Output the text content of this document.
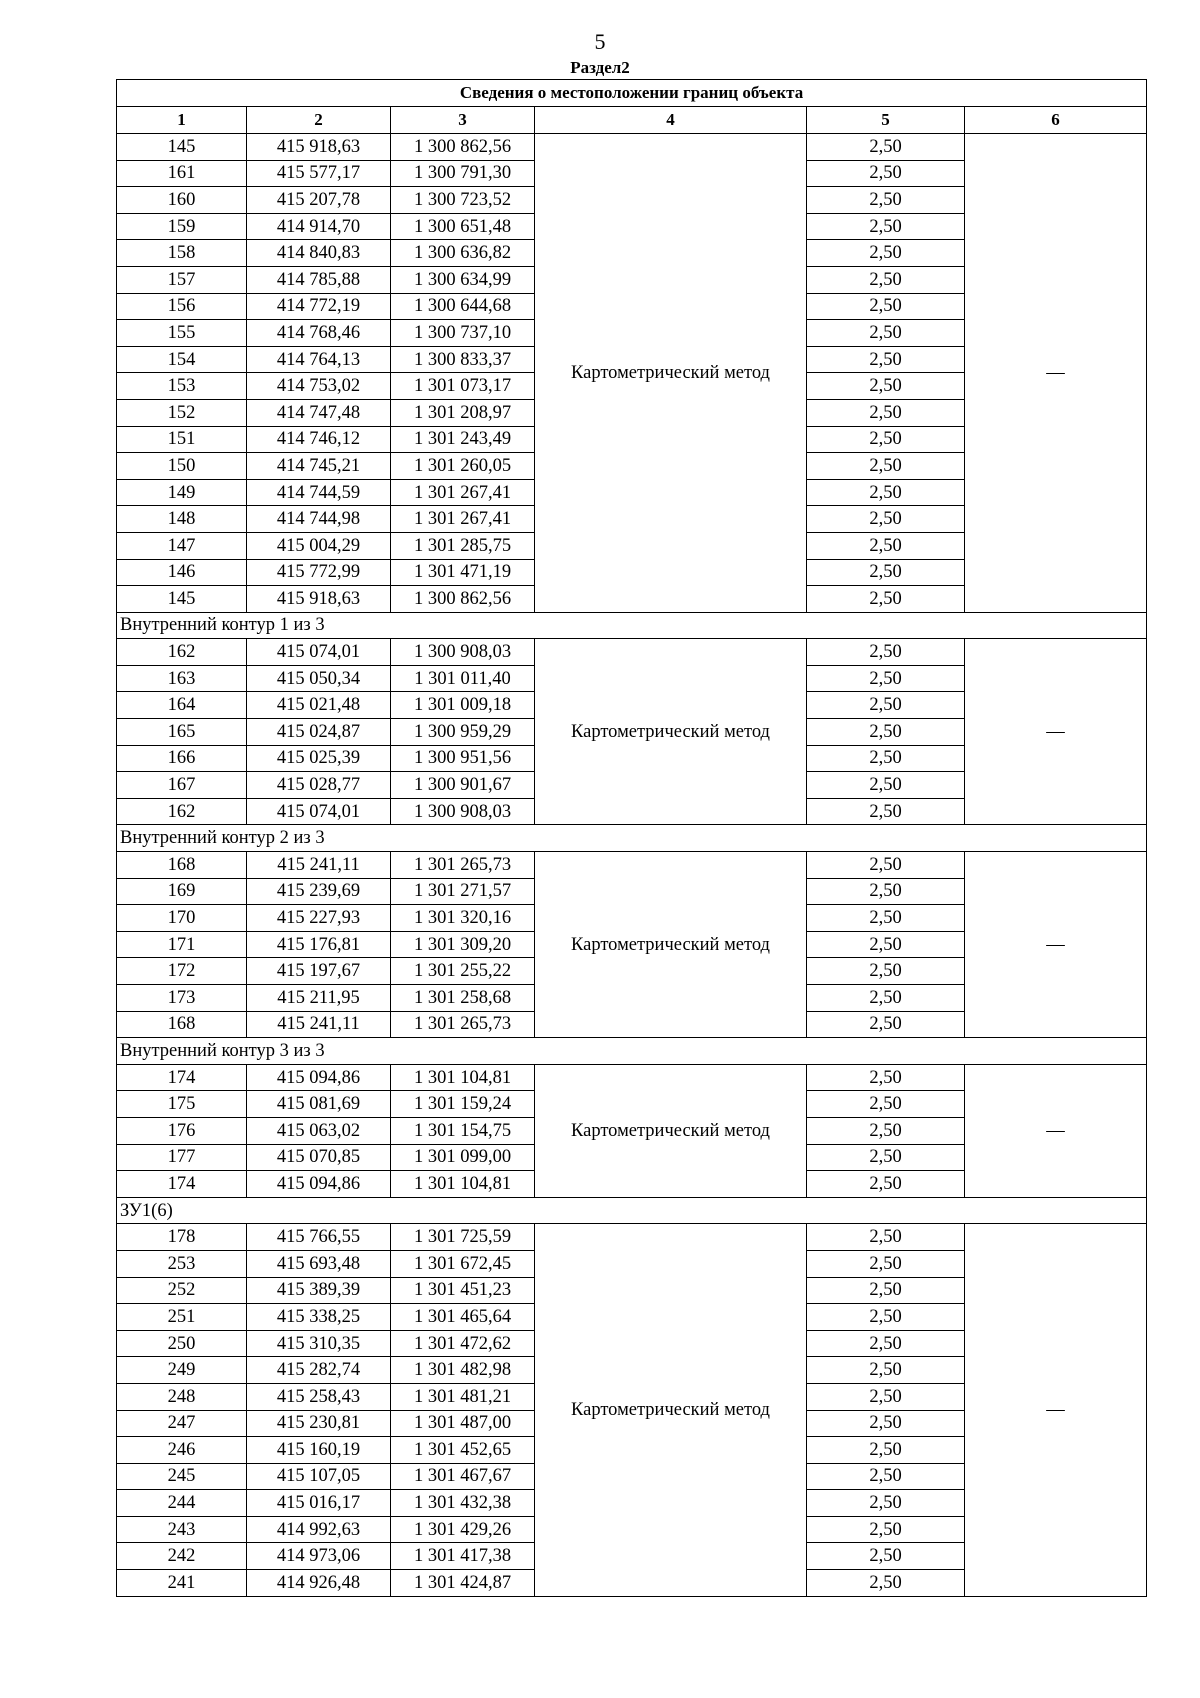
5
Раздел2
Сведения о местоположении границ объекта					
1	2	3	4	5	6
145	415 918,63	1 300 862,56	Картометрический метод	2,50	—
161	415 577,17	1 300 791,30		2,50	
160	415 207,78	1 300 723,52		2,50	
159	414 914,70	1 300 651,48		2,50	
158	414 840,83	1 300 636,82		2,50	
157	414 785,88	1 300 634,99		2,50	
156	414 772,19	1 300 644,68		2,50	
155	414 768,46	1 300 737,10		2,50	
154	414 764,13	1 300 833,37		2,50	
153	414 753,02	1 301 073,17		2,50	
152	414 747,48	1 301 208,97		2,50	
151	414 746,12	1 301 243,49		2,50	
150	414 745,21	1 301 260,05		2,50	
149	414 744,59	1 301 267,41		2,50	
148	414 744,98	1 301 267,41		2,50	
147	415 004,29	1 301 285,75		2,50	
146	415 772,99	1 301 471,19		2,50	
145	415 918,63	1 300 862,56		2,50	
Внутренний контур 1 из 3					
162	415 074,01	1 300 908,03	Картометрический метод	2,50	—
163	415 050,34	1 301 011,40		2,50	
164	415 021,48	1 301 009,18		2,50	
165	415 024,87	1 300 959,29		2,50	
166	415 025,39	1 300 951,56		2,50	
167	415 028,77	1 300 901,67		2,50	
162	415 074,01	1 300 908,03		2,50	
Внутренний контур 2 из 3					
168	415 241,11	1 301 265,73	Картометрический метод	2,50	—
169	415 239,69	1 301 271,57		2,50	
170	415 227,93	1 301 320,16		2,50	
171	415 176,81	1 301 309,20		2,50	
172	415 197,67	1 301 255,22		2,50	
173	415 211,95	1 301 258,68		2,50	
168	415 241,11	1 301 265,73		2,50	
Внутренний контур 3 из 3					
174	415 094,86	1 301 104,81	Картометрический метод	2,50	—
175	415 081,69	1 301 159,24		2,50	
176	415 063,02	1 301 154,75		2,50	
177	415 070,85	1 301 099,00		2,50	
174	415 094,86	1 301 104,81		2,50	
ЗУ1(6)					
178	415 766,55	1 301 725,59	Картометрический метод	2,50	—
253	415 693,48	1 301 672,45		2,50	
252	415 389,39	1 301 451,23		2,50	
251	415 338,25	1 301 465,64		2,50	
250	415 310,35	1 301 472,62		2,50	
249	415 282,74	1 301 482,98		2,50	
248	415 258,43	1 301 481,21		2,50	
247	415 230,81	1 301 487,00		2,50	
246	415 160,19	1 301 452,65		2,50	
245	415 107,05	1 301 467,67		2,50	
244	415 016,17	1 301 432,38		2,50	
243	414 992,63	1 301 429,26		2,50	
242	414 973,06	1 301 417,38		2,50	
241	414 926,48	1 301 424,87		2,50	
